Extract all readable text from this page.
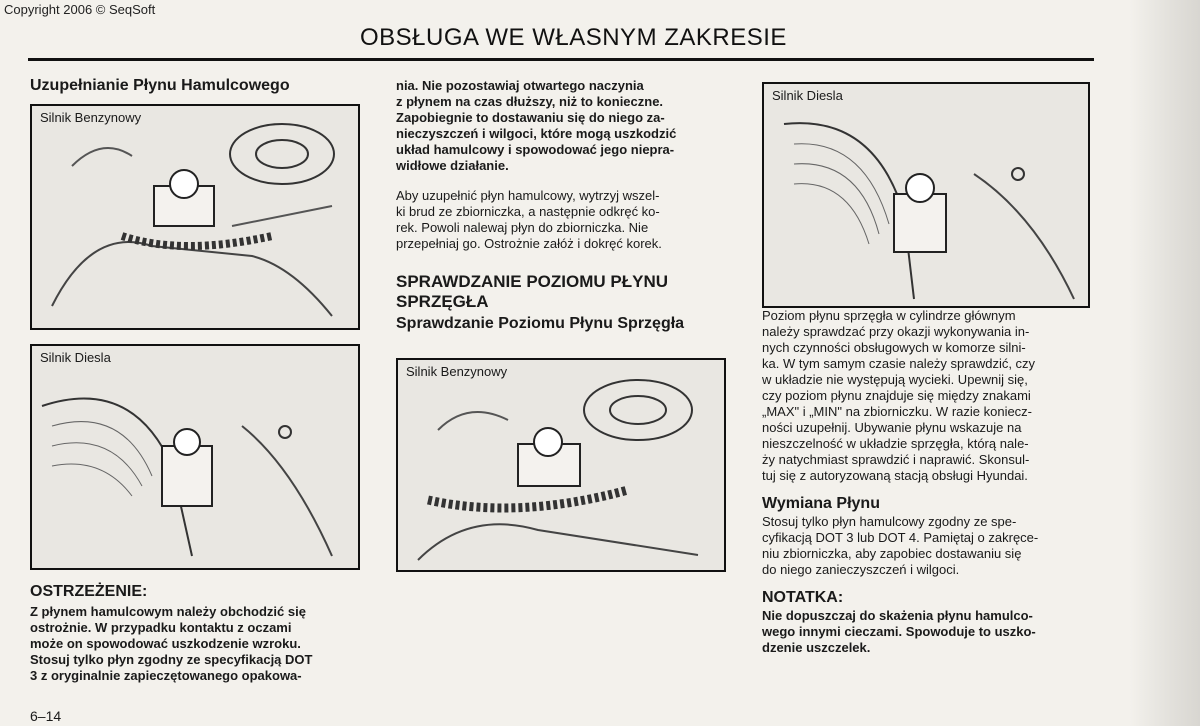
Copyright 2006 © SeqSoft
OBSŁUGA WE WŁASNYM ZAKRESIE

Uzupełnianie Płynu Hamulcowego

Silnik Benzynowy
Silnik Diesla

OSTRZEŻENIE:

Z płynem hamulcowym należy obchodzić się

ostrożnie. W przypadku kontaktu z oczami

może on spowodować uszkodzenie wzroku.

Stosuj tylko płyn zgodny ze specyfikacją DOT

3 z oryginalnie zapieczętowanego opakowa-

nia. Nie pozostawiaj otwartego naczynia

z płynem na czas dłuższy, niż to konieczne.

Zapobiegnie to dostawaniu się do niego za-

nieczyszczeń i wilgoci, które mogą uszkodzić

układ hamulcowy i spowodować jego niepra-

widłowe działanie.

Aby uzupełnić płyn hamulcowy, wytrzyj wszel-

ki brud ze zbiorniczka, a następnie odkręć ko-

rek. Powoli nalewaj płyn do zbiorniczka. Nie

przepełniaj go. Ostrożnie załóż i dokręć korek.

SPRAWDZANIE POZIOMU PŁYNU

SPRZĘGŁA

Sprawdzanie Poziomu Płynu Sprzęgła

Silnik Benzynowy
Silnik Diesla

Poziom płynu sprzęgła w cylindrze głównym

należy sprawdzać przy okazji wykonywania in-

nych czynności obsługowych w komorze silni-

ka. W tym samym czasie należy sprawdzić, czy

w układzie nie występują wycieki. Upewnij się,

czy poziom płynu znajduje się między znakami

„MAX" i „MIN" na zbiorniczku. W razie koniecz-

ności uzupełnij. Ubywanie płynu wskazuje na

nieszczelność w układzie sprzęgła, którą nale-

ży natychmiast sprawdzić i naprawić. Skonsul-

tuj się z autoryzowaną stacją obsługi Hyundai.

Wymiana Płynu

Stosuj tylko płyn hamulcowy zgodny ze spe-

cyfikacją DOT 3 lub DOT 4. Pamiętaj o zakręce-

niu zbiorniczka, aby zapobiec dostawaniu się

do niego zanieczyszczeń i wilgoci.

NOTATKA:

Nie dopuszczaj do skażenia płynu hamulco-

wego innymi cieczami. Spowoduje to uszko-

dzenie uszczelek.

6–14
